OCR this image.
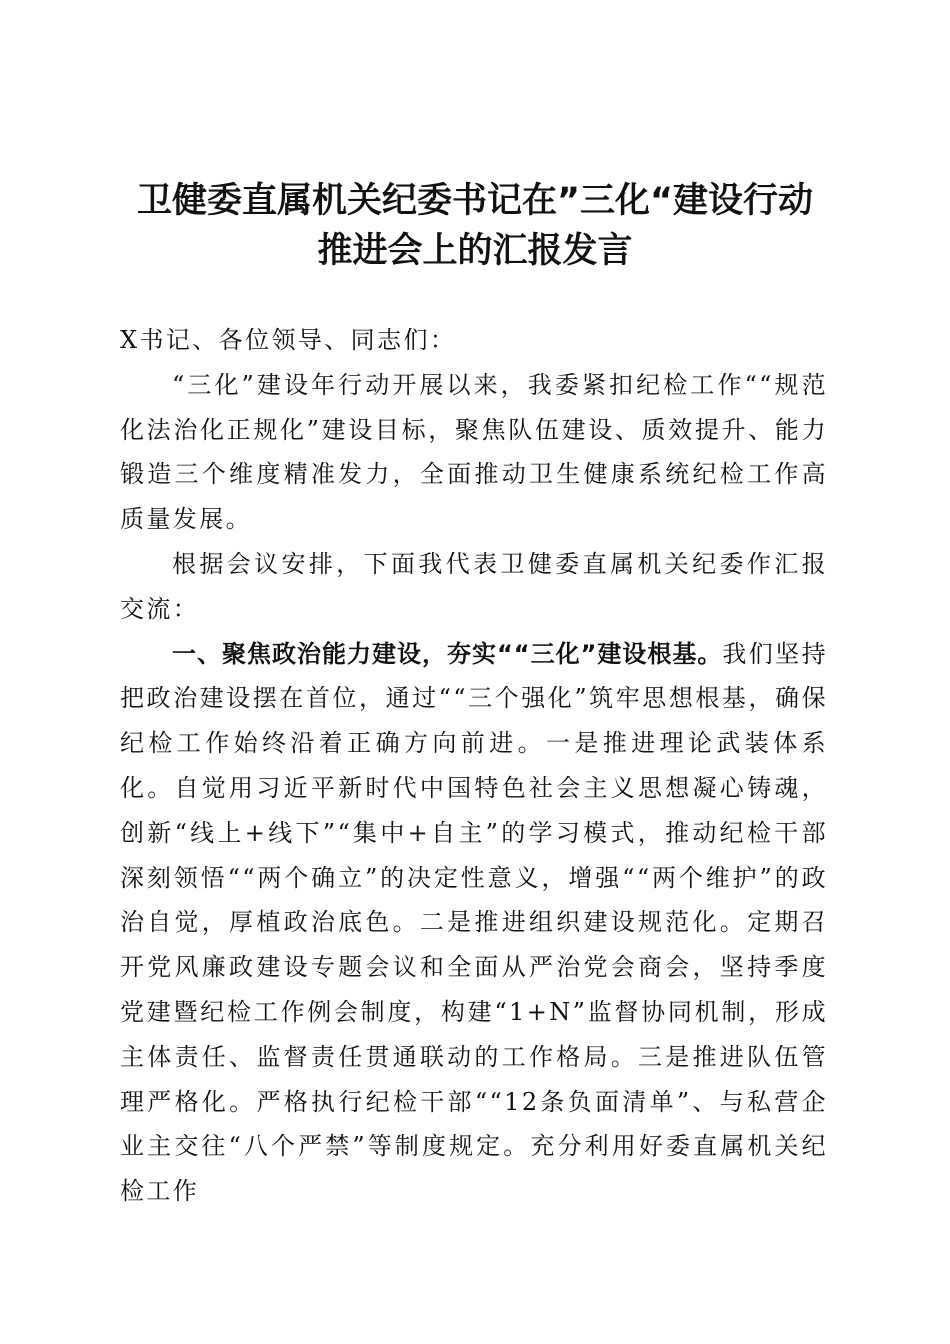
卫健委直属机关纪委书记在”三化“建设行动
推进会上的汇报发言

X书记、各位领导、同志们：

“三化”建设年行动开展以来，我委紧扣纪检工作““规范化法治化正规化”建设目标，聚焦队伍建设、质效提升、能力锻造三个维度精准发力，全面推动卫生健康系统纪检工作高质量发展。

根据会议安排，下面我代表卫健委直属机关纪委作汇报交流：

一、聚焦政治能力建设，夯实““三化”建设根基。我们坚持把政治建设摆在首位，通过““三个强化”筑牢思想根基，确保纪检工作始终沿着正确方向前进。一是推进理论武装体系化。自觉用习近平新时代中国特色社会主义思想凝心铸魂，创新“线上+线下”“集中+自主”的学习模式，推动纪检干部深刻领悟““两个确立”的决定性意义，增强““两个维护”的政治自觉，厚植政治底色。二是推进组织建设规范化。定期召开党风廉政建设专题会议和全面从严治党会商会，坚持季度党建暨纪检工作例会制度，构建“1+N”监督协同机制，形成主体责任、监督责任贯通联动的工作格局。三是推进队伍管理严格化。严格执行纪检干部““12条负面清单”、与私营企业主交往“八个严禁”等制度规定。充分利用好委直属机关纪检工作
